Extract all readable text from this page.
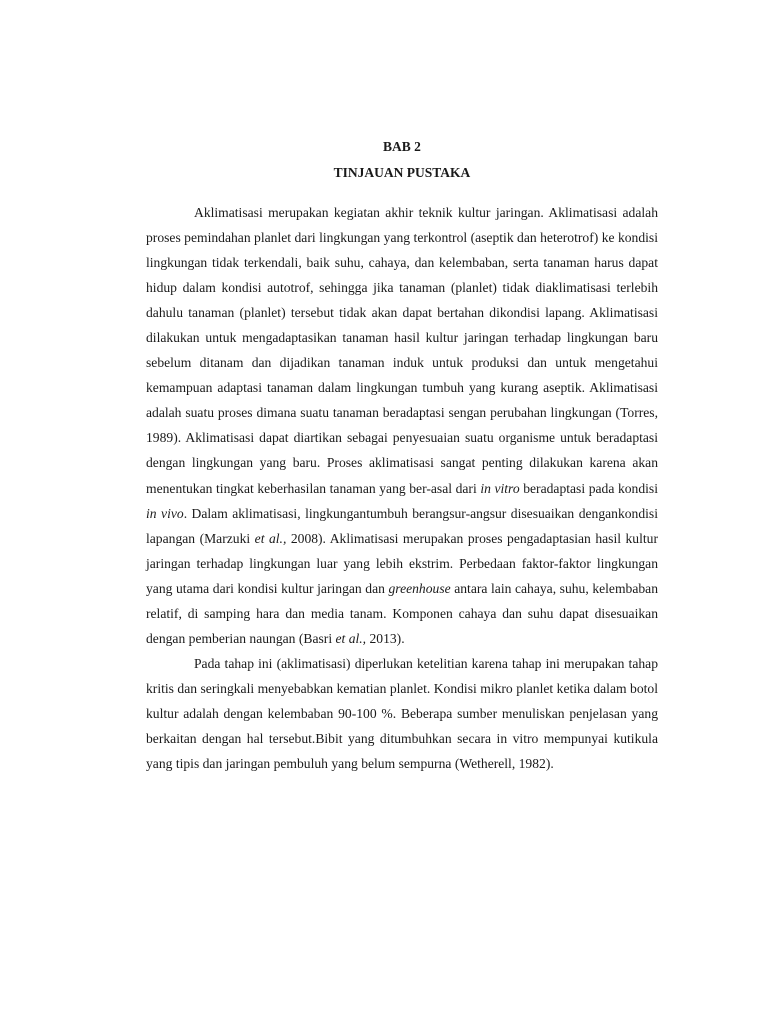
BAB 2

TINJAUAN PUSTAKA

Aklimatisasi merupakan kegiatan akhir teknik kultur jaringan. Aklimatisasi adalah proses pemindahan planlet dari lingkungan yang terkontrol (aseptik dan heterotrof) ke kondisi lingkungan tidak terkendali, baik suhu, cahaya, dan kelembaban, serta tanaman harus dapat hidup dalam kondisi autotrof, sehingga jika tanaman (planlet) tidak diaklimatisasi terlebih dahulu tanaman (planlet) tersebut tidak akan dapat bertahan dikondisi lapang. Aklimatisasi dilakukan untuk mengadaptasikan tanaman hasil kultur jaringan terhadap lingkungan baru sebelum ditanam dan dijadikan tanaman induk untuk produksi dan untuk mengetahui kemampuan adaptasi tanaman dalam lingkungan tumbuh yang kurang aseptik. Aklimatisasi adalah suatu proses dimana suatu tanaman beradaptasi sengan perubahan lingkungan (Torres, 1989). Aklimatisasi dapat diartikan sebagai penyesuaian suatu organisme untuk beradaptasi dengan lingkungan yang baru. Proses aklimatisasi sangat penting dilakukan karena akan menentukan tingkat keberhasilan tanaman yang ber-asal dari in vitro beradaptasi pada kondisi in vivo. Dalam aklimatisasi, lingkungantumbuh berangsur-angsur disesuaikan dengankondisi lapangan (Marzuki et al., 2008). Aklimatisasi merupakan proses pengadaptasian hasil kultur jaringan terhadap lingkungan luar yang lebih ekstrim. Perbedaan faktor-faktor lingkungan yang utama dari kondisi kultur jaringan dan greenhouse antara lain cahaya, suhu, kelembaban relatif, di samping hara dan media tanam. Komponen cahaya dan suhu dapat disesuaikan dengan pemberian naungan (Basri et al., 2013).

Pada tahap ini (aklimatisasi) diperlukan ketelitian karena tahap ini merupakan tahap kritis dan seringkali menyebabkan kematian planlet. Kondisi mikro planlet ketika dalam botol kultur adalah dengan kelembaban 90-100 %. Beberapa sumber menuliskan penjelasan yang berkaitan dengan hal tersebut.Bibit yang ditumbuhkan secara in vitro mempunyai kutikula yang tipis dan jaringan pembuluh yang belum sempurna (Wetherell, 1982).
